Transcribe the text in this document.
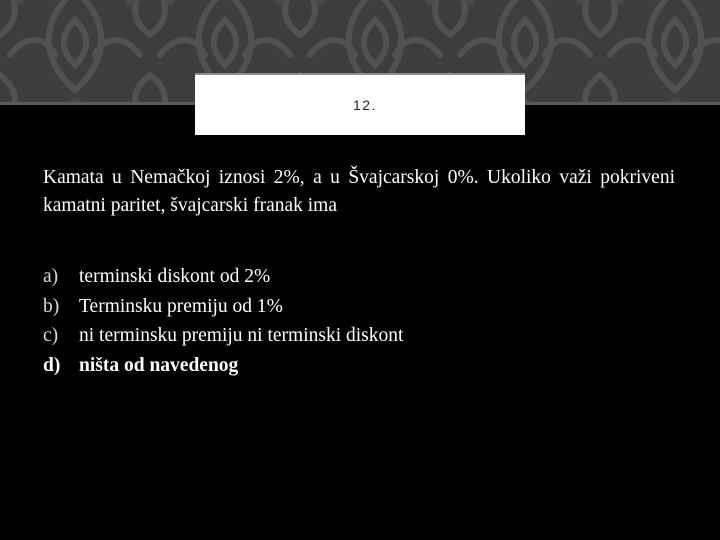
12.
Kamata u Nemačkoj iznosi 2%, a u Švajcarskoj 0%. Ukoliko važi pokriveni kamatni paritet, švajcarski franak ima
a)	terminski diskont od 2%
b)	Terminsku premiju od 1%
c)	ni terminsku premiju ni terminski diskont
d) ništa od navedenog
